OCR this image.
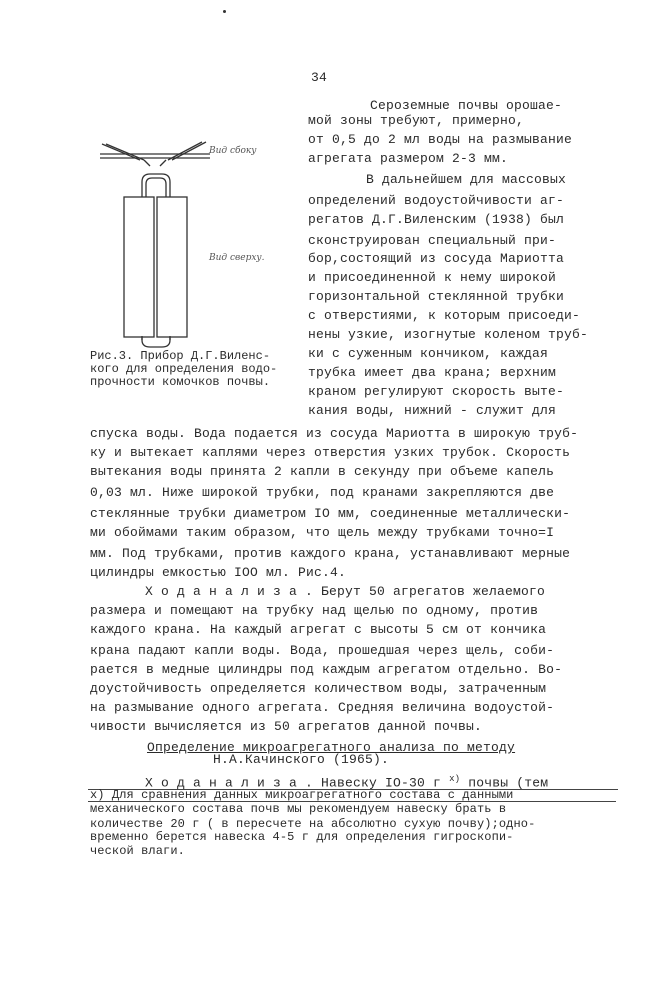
34
Вид сбоку
Вид сверху.
Рис.3. Прибор Д.Г.Виленс-
кого для определения водо-
прочности комочков почвы.
Сероземные почвы орошае-
мой зоны требуют, примерно,
от 0,5 до 2 мл воды на размывание
агрегата размером 2-3 мм.
В дальнейшем для массовых
определений водоустойчивости аг-
регатов Д.Г.Виленским (1938) был
сконструирован специальный при-
бор,состоящий из сосуда Мариотта
и присоединенной к нему широкой
горизонтальной стеклянной трубки
с отверстиями, к которым присоеди-
нены узкие, изогнутые коленом труб-
ки с суженным кончиком, каждая
трубка имеет два крана; верхним
краном регулируют скорость выте-
кания воды, нижний - служит для
спуска воды. Вода подается из сосуда Мариотта в широкую труб-
ку и вытекает каплями через отверстия узких трубок. Скорость
вытекания воды принята 2 капли в секунду при объеме капель
0,03 мл. Ниже широкой трубки, под кранами закрепляются две
стеклянные трубки диаметром IO мм, соединенные металлически-
ми обоймами таким образом, что щель между трубками точно=I
мм. Под трубками, против каждого крана, устанавливают мерные
цилиндры емкостью IOO мл. Рис.4.
Х о д а н а л и з а . Берут 50 агрегатов желаемого
размера и помещают на трубку над щелью по одному, против
каждого крана. На каждый агрегат с высоты 5 см от кончика
крана падают капли воды. Вода, прошедшая через щель, соби-
рается в медные цилиндры под каждым агрегатом отдельно. Во-
доустойчивость определяется количеством воды, затраченным
на размывание одного агрегата. Средняя величина водоустой-
чивости вычисляется из 50 агрегатов данной почвы.
Определение микроагрегатного анализа по методу
Н.А.Качинского (1965).
Х о д а н а л и з а . Навеску IO-30 г $^{x)}$ почвы (тем
x) Для сравнения данных микроагрегатного состава с данными
механического состава почв мы рекомендуем навеску брать в
количестве 20 г ( в пересчете на абсолютно сухую почву);одно-
временно берется навеска 4-5 г для определения гигроскопи-
ческой влаги.
